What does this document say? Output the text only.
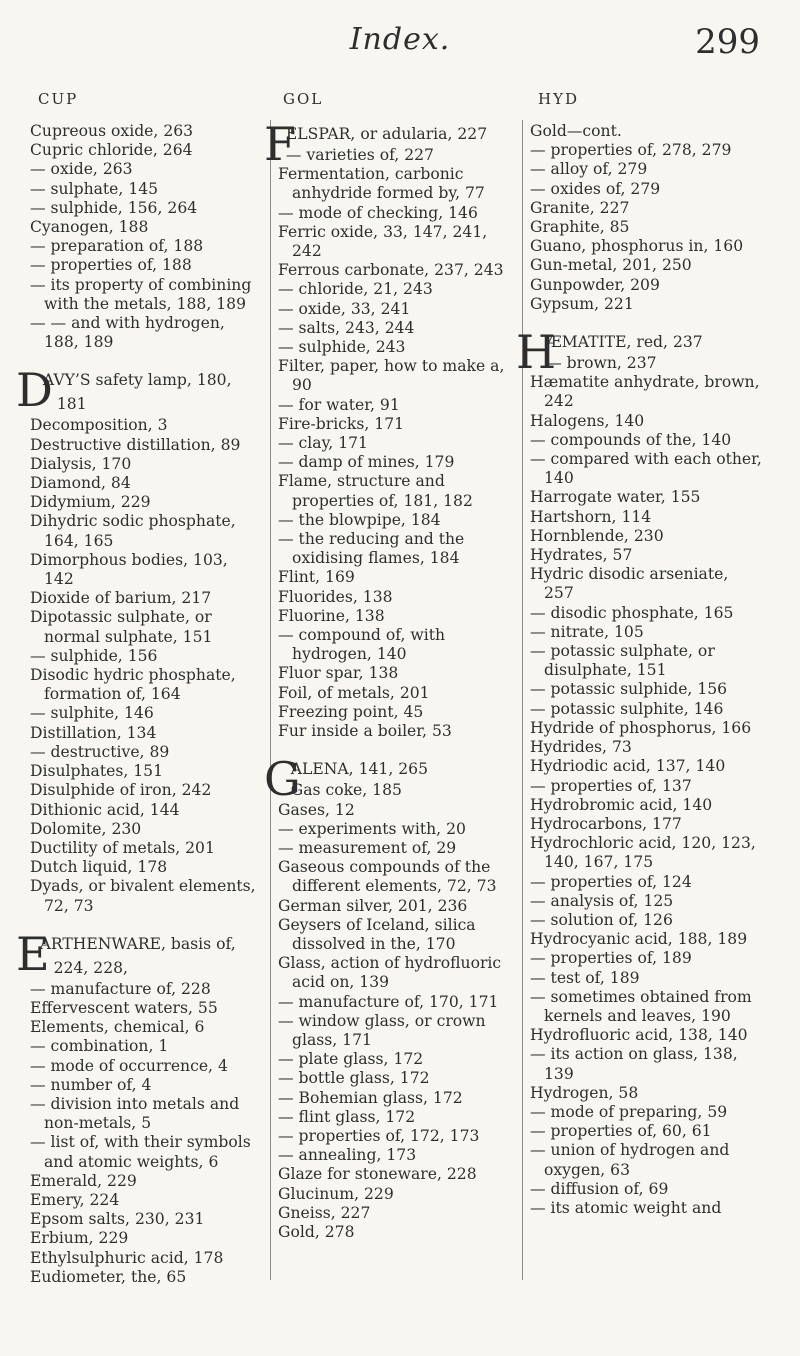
Index.	299
CUP	GOL	HYD
Cupreous oxide, 263
Cupric chloride, 264
— oxide, 263
— sulphate, 145
— sulphide, 156, 264
Cyanogen, 188
— preparation of, 188
— properties of, 188
— its property of combining with the metals, 188, 189
— — and with hydrogen, 188, 189
D
AVY’S safety lamp, 180, 181
Decomposition, 3
Destructive distillation, 89
Dialysis, 170
Diamond, 84
Didymium, 229
Dihydric sodic phosphate, 164, 165
Dimorphous bodies, 103, 142
Dioxide of barium, 217
Dipotassic sulphate, or normal sulphate, 151
— sulphide, 156
Disodic hydric phosphate, formation of, 164
— sulphite, 146
Distillation, 134
— destructive, 89
Disulphates, 151
Disulphide of iron, 242
Dithionic acid, 144
Dolomite, 230
Ductility of metals, 201
Dutch liquid, 178
Dyads, or bivalent elements, 72, 73
E
ARTHENWARE, basis of, 224, 228,
— manufacture of, 228
Effervescent waters, 55
Elements, chemical, 6
— combination, 1
— mode of occurrence, 4
— number of, 4
— division into metals and non-metals, 5
— list of, with their symbols and atomic weights, 6
Emerald, 229
Emery, 224
Epsom salts, 230, 231
Erbium, 229
Ethylsulphuric acid, 178
Eudiometer, the, 65
F
ELSPAR, or adularia, 227
— varieties of, 227
Fermentation, carbonic anhydride formed by, 77
— mode of checking, 146
Ferric oxide, 33, 147, 241, 242
Ferrous carbonate, 237, 243
— chloride, 21, 243
— oxide, 33, 241
— salts, 243, 244
— sulphide, 243
Filter, paper, how to make a, 90
— for water, 91
Fire-bricks, 171
— clay, 171
— damp of mines, 179
Flame, structure and properties of, 181, 182
— the blowpipe, 184
— the reducing and the oxidising flames, 184
Flint, 169
Fluorides, 138
Fluorine, 138
— compound of, with hydrogen, 140
Fluor spar, 138
Foil, of metals, 201
Freezing point, 45
Fur inside a boiler, 53
G
ALENA, 141, 265
Gas coke, 185
Gases, 12
— experiments with, 20
— measurement of, 29
Gaseous compounds of the different elements, 72, 73
German silver, 201, 236
Geysers of Iceland, silica dissolved in the, 170
Glass, action of hydrofluoric acid on, 139
— manufacture of, 170, 171
— window glass, or crown glass, 171
— plate glass, 172
— bottle glass, 172
— Bohemian glass, 172
— flint glass, 172
— properties of, 172, 173
— annealing, 173
Glaze for stoneware, 228
Glucinum, 229
Gneiss, 227
Gold, 278
Gold—cont.
— properties of, 278, 279
— alloy of, 279
— oxides of, 279
Granite, 227
Graphite, 85
Guano, phosphorus in, 160
Gun-metal, 201, 250
Gunpowder, 209
Gypsum, 221
H
ÆMATITE, red, 237
— brown, 237
Hæmatite anhydrate, brown, 242
Halogens, 140
— compounds of the, 140
— compared with each other, 140
Harrogate water, 155
Hartshorn, 114
Hornblende, 230
Hydrates, 57
Hydric disodic arseniate, 257
— disodic phosphate, 165
— nitrate, 105
— potassic sulphate, or disulphate, 151
— potassic sulphide, 156
— potassic sulphite, 146
Hydride of phosphorus, 166
Hydrides, 73
Hydriodic acid, 137, 140
— properties of, 137
Hydrobromic acid, 140
Hydrocarbons, 177
Hydrochloric acid, 120, 123, 140, 167, 175
— properties of, 124
— analysis of, 125
— solution of, 126
Hydrocyanic acid, 188, 189
— properties of, 189
— test of, 189
— sometimes obtained from kernels and leaves, 190
Hydrofluoric acid, 138, 140
— its action on glass, 138, 139
Hydrogen, 58
— mode of preparing, 59
— properties of, 60, 61
— union of hydrogen and oxygen, 63
— diffusion of, 69
— its atomic weight and
